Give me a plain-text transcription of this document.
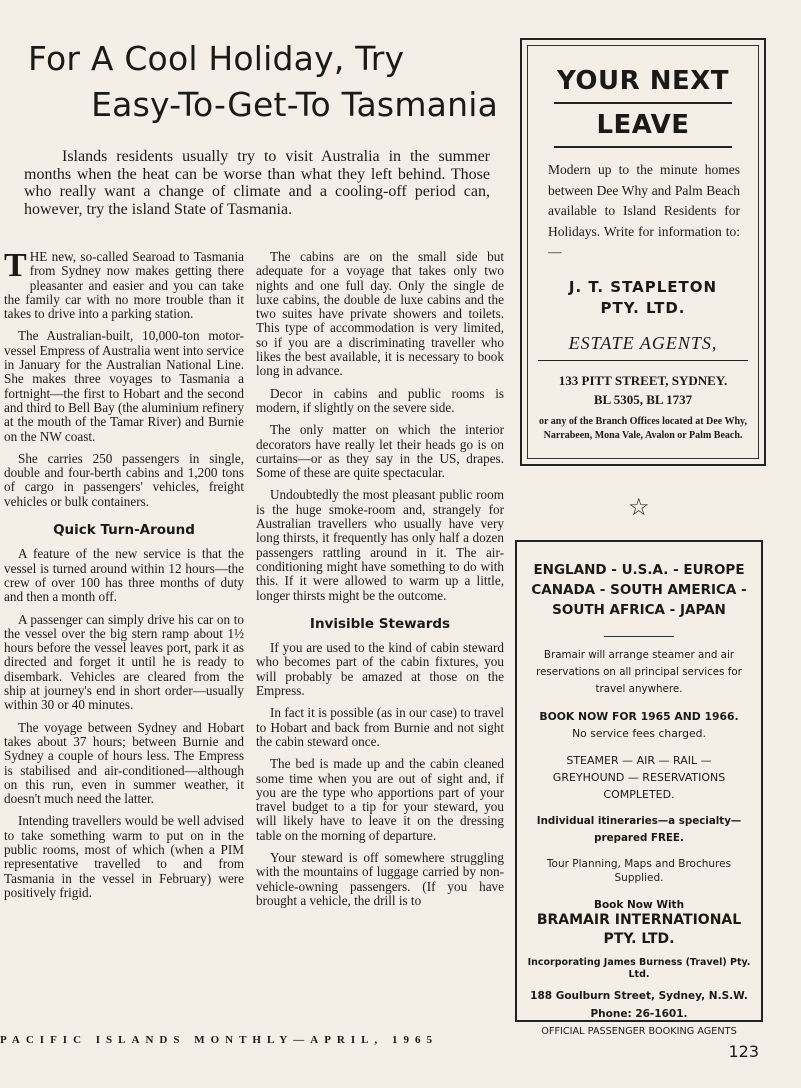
For A Cool Holiday, Try
Easy-To-Get-To Tasmania
Islands residents usually try to visit Australia in the summer months when the heat can be worse than what they left behind. Those who really want a change of climate and a cooling-off period can, however, try the island State of Tasmania.

THE new, so-called Searoad to Tasmania from Sydney now makes getting there pleasanter and easier and you can take the family car with no more trouble than it takes to drive into a parking station.

The Australian-built, 10,000-ton motor-vessel Empress of Australia went into service in January for the Australian National Line. She makes three voyages to Tasmania a fortnight—the first to Hobart and the second and third to Bell Bay (the aluminium refinery at the mouth of the Tamar River) and Burnie on the NW coast.

She carries 250 passengers in single, double and four-berth cabins and 1,200 tons of cargo in passengers' vehicles, freight vehicles or bulk containers.

Quick Turn-Around

A feature of the new service is that the vessel is turned around within 12 hours—the crew of over 100 has three months of duty and then a month off.

A passenger can simply drive his car on to the vessel over the big stern ramp about 1½ hours before the vessel leaves port, park it as directed and forget it until he is ready to disembark. Vehicles are cleared from the ship at journey's end in short order—usually within 30 or 40 minutes.

The voyage between Sydney and Hobart takes about 37 hours; between Burnie and Sydney a couple of hours less. The Empress is stabilised and air-conditioned—although on this run, even in summer weather, it doesn't much need the latter.

Intending travellers would be well advised to take something warm to put on in the public rooms, most of which (when a PIM representative travelled to and from Tasmania in the vessel in February) were positively frigid.

The cabins are on the small side but adequate for a voyage that takes only two nights and one full day. Only the single de luxe cabins, the double de luxe cabins and the two suites have private showers and toilets. This type of accommodation is very limited, so if you are a discriminating traveller who likes the best available, it is necessary to book long in advance.

Decor in cabins and public rooms is modern, if slightly on the severe side.

The only matter on which the interior decorators have really let their heads go is on curtains—or as they say in the US, drapes. Some of these are quite spectacular.

Undoubtedly the most pleasant public room is the huge smoke-room and, strangely for Australian travellers who usually have very long thirsts, it frequently has only half a dozen passengers rattling around in it. The air-conditioning might have something to do with this. If it were allowed to warm up a little, longer thirsts might be the outcome.

Invisible Stewards

If you are used to the kind of cabin steward who becomes part of the cabin fixtures, you will probably be amazed at those on the Empress.

In fact it is possible (as in our case) to travel to Hobart and back from Burnie and not sight the cabin steward once.

The bed is made up and the cabin cleaned some time when you are out of sight and, if you are the type who apportions part of your travel budget to a tip for your steward, you will likely have to leave it on the dressing table on the morning of departure.

Your steward is off somewhere struggling with the mountains of luggage carried by non-vehicle-owning passengers. (If you have brought a vehicle, the drill is to

PACIFIC ISLANDS MONTHLY—APRIL, 1965
123
YOUR NEXT
LEAVE
Modern up to the minute homes between Dee Why and Palm Beach available to Island Residents for Holidays. Write for information to:—
J. T. STAPLETON
PTY. LTD.
ESTATE AGENTS,
133 PITT STREET, SYDNEY.
BL 5305, BL 1737
or any of the Branch Offices located at Dee Why, Narrabeen, Mona Vale, Avalon or Palm Beach.
☆
ENGLAND - U.S.A. - EUROPE
CANADA - SOUTH AMERICA -
SOUTH AFRICA - JAPAN

Bramair will arrange steamer and air reservations on all principal services for travel anywhere.

BOOK NOW FOR 1965 AND 1966.
No service fees charged.

STEAMER — AIR — RAIL — GREYHOUND — RESERVATIONS COMPLETED.

Individual itineraries—a specialty—prepared FREE.

Tour Planning, Maps and Brochures Supplied.

Book Now With

BRAMAIR INTERNATIONAL
PTY. LTD.

Incorporating James Burness (Travel) Pty. Ltd.

188 Goulburn Street, Sydney, N.S.W.
Phone: 26-1601.

OFFICIAL PASSENGER BOOKING AGENTS
